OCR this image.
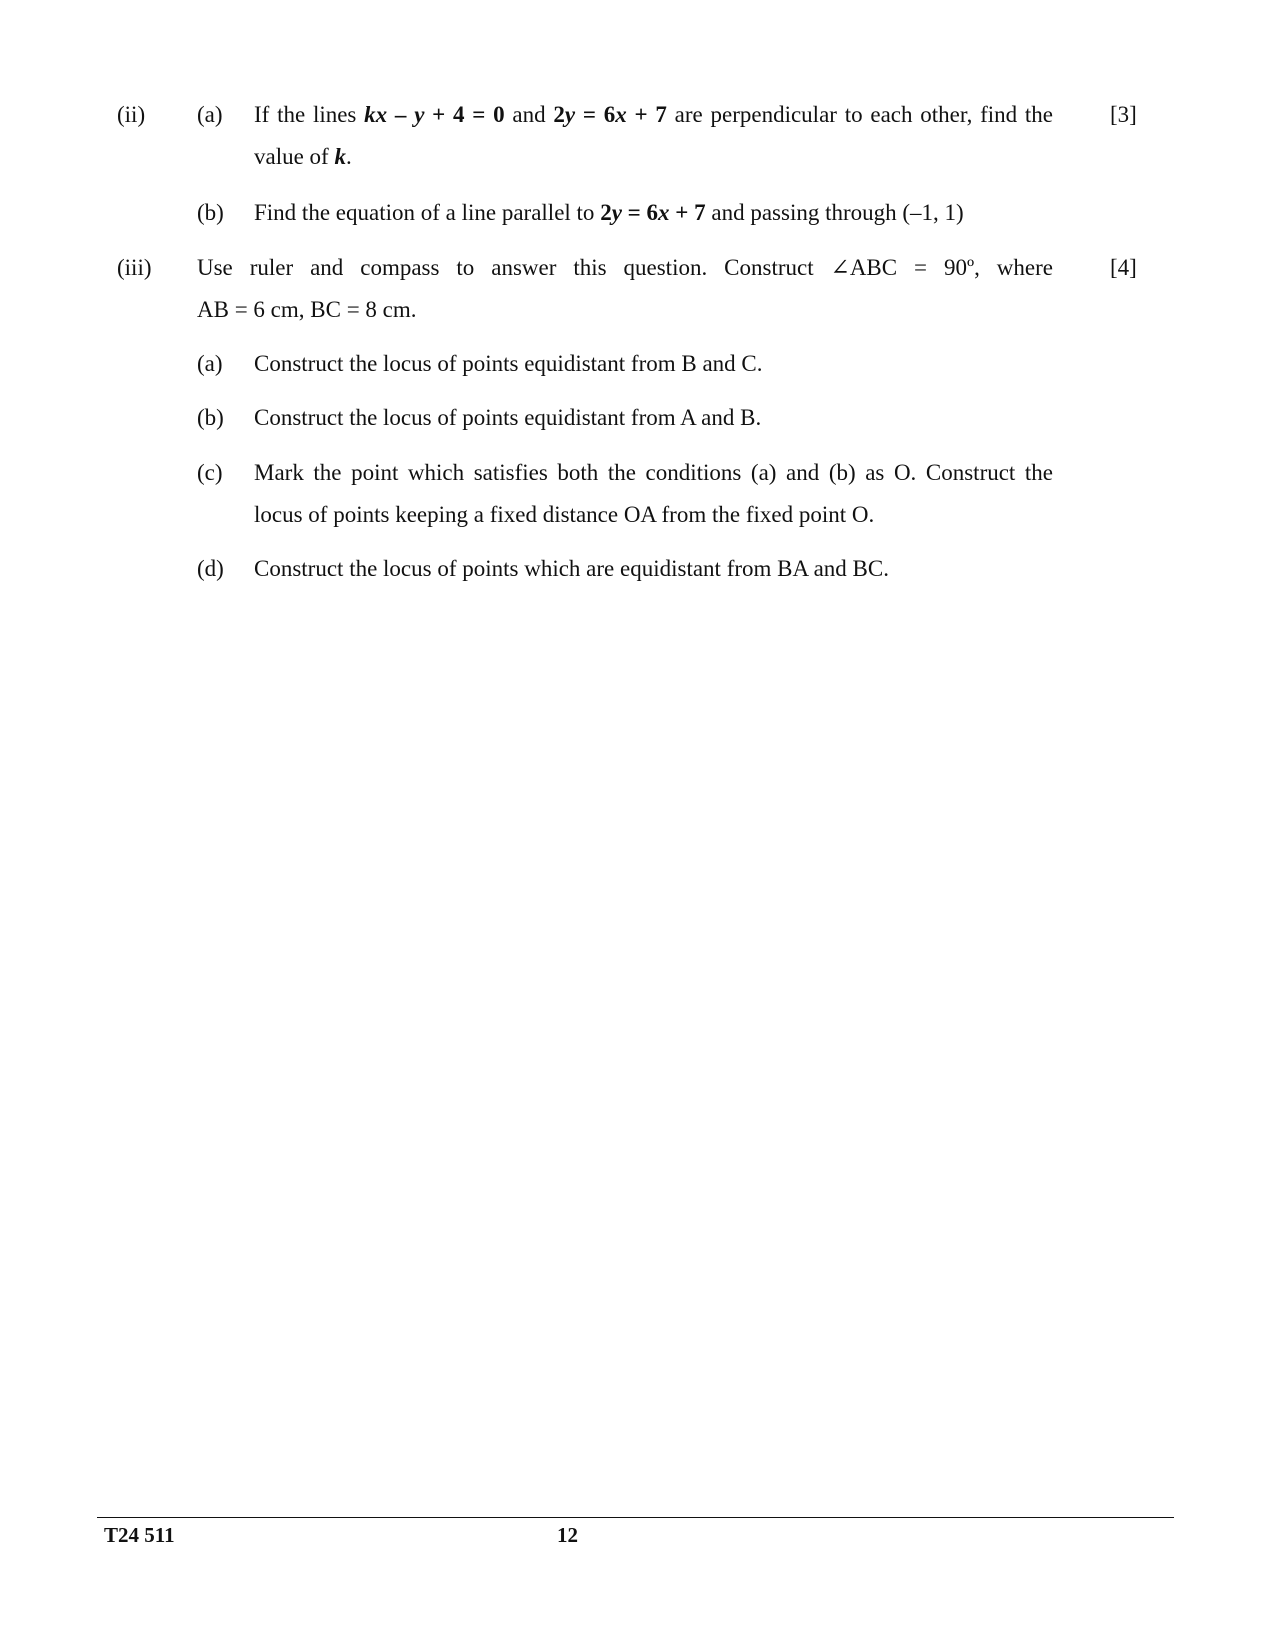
(ii) (a) If the lines kx – y + 4 = 0 and 2y = 6x + 7 are perpendicular to each other, find the [3]
value of k.
(b) Find the equation of a line parallel to 2y = 6x + 7 and passing through (–1, 1)
(iii) Use ruler and compass to answer this question. Construct ∠ABC = 90º, where [4]
AB = 6 cm, BC = 8 cm.
(a) Construct the locus of points equidistant from B and C.
(b) Construct the locus of points equidistant from A and B.
(c) Mark the point which satisfies both the conditions (a) and (b) as O. Construct the
locus of points keeping a fixed distance OA from the fixed point O.
(d) Construct the locus of points which are equidistant from BA and BC.
T24 511	12
